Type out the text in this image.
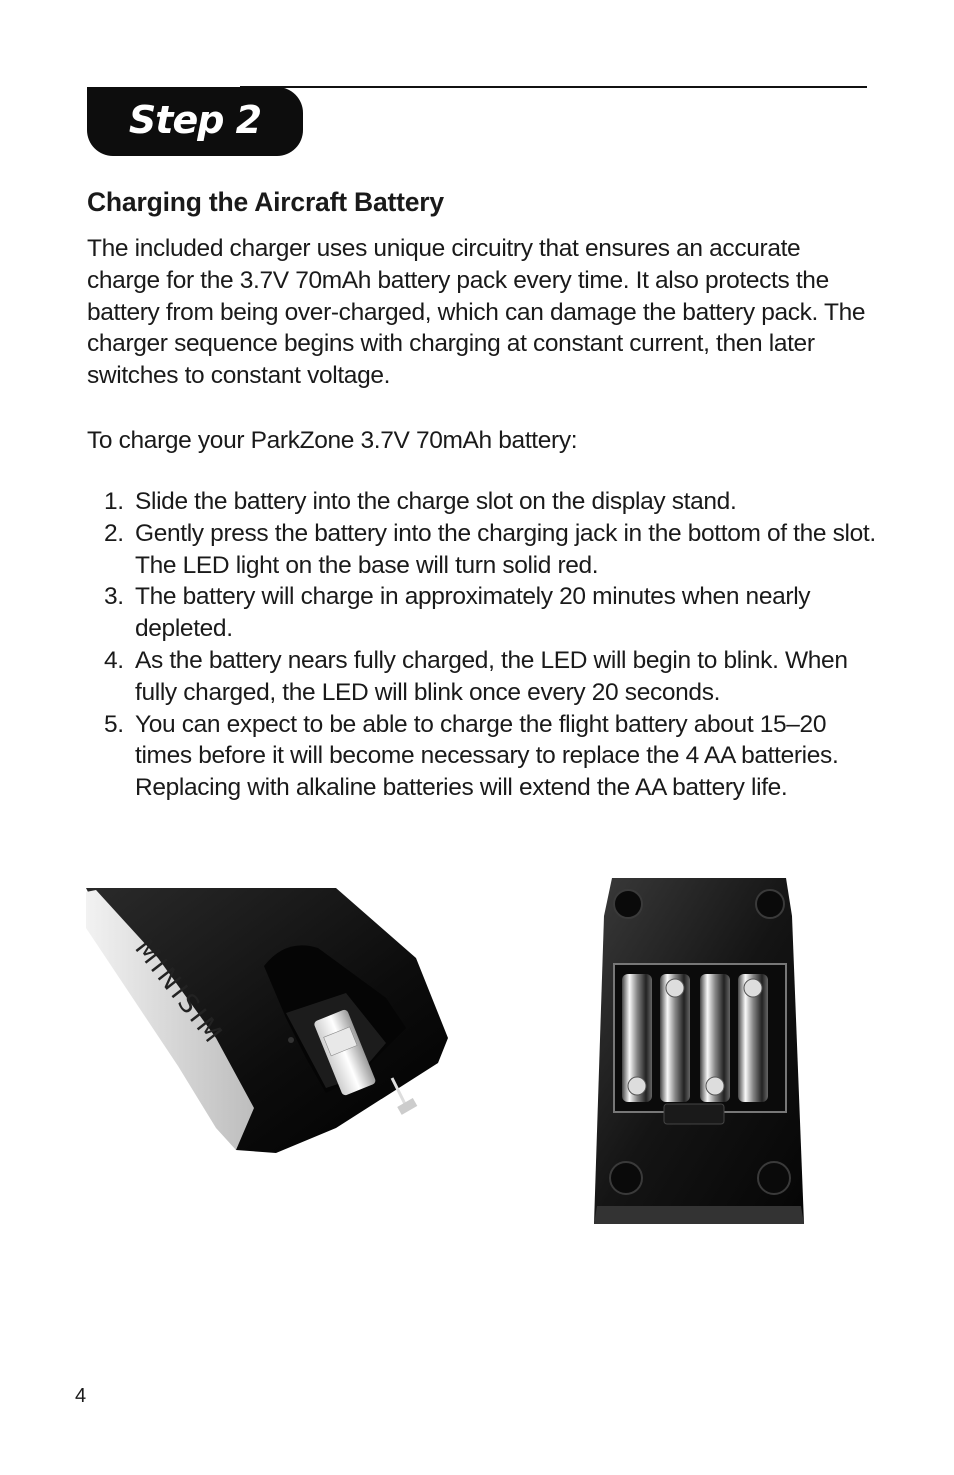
Step 2
Charging the Aircraft Battery
The included charger uses unique circuitry that ensures an accurate charge for the 3.7V 70mAh battery pack every time. It also protects the battery from being over-charged, which can damage the battery pack. The charger sequence begins with charging at constant current, then later switches to constant voltage.
To charge your ParkZone 3.7V 70mAh battery:
1. Slide the battery into the charge slot on the display stand.
2. Gently press the battery into the charging jack in the bottom of the slot. The LED light on the base will turn solid red.
3. The battery will charge in approximately 20 minutes when nearly depleted.
4. As the battery nears fully charged, the LED will begin to blink. When fully charged, the LED will blink once every 20 seconds.
5. You can expect to be able to charge the flight battery about 15–20 times before it will become necessary to replace the 4 AA batteries. Replacing with alkaline batteries will extend the AA battery life.
MINISIM
4
